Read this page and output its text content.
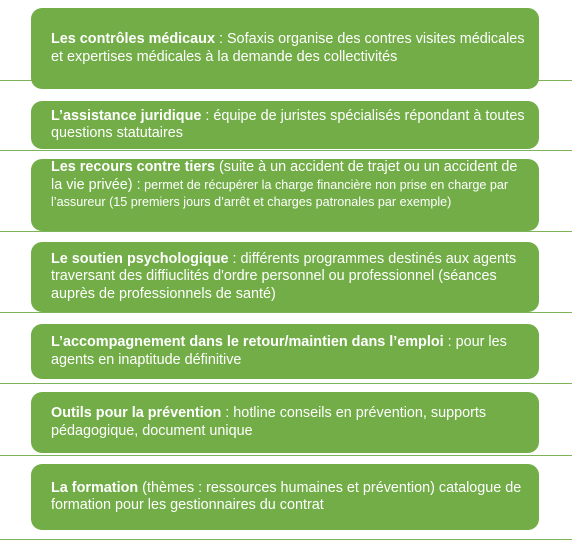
Les contrôles médicaux : Sofaxis organise des contres visites médicales et expertises médicales à la demande des collectivités

L’assistance juridique : équipe de juristes spécialisés répondant à toutes questions statutaires

Les recours contre tiers (suite à un accident de trajet ou un accident de la vie privée) : permet de récupérer la charge financière non prise en charge par l’assureur (15 premiers jours d’arrêt et charges patronales par exemple)

Le soutien psychologique : différents programmes destinés aux agents traversant des diffiuclités d'ordre personnel ou professionnel (séances auprès de professionnels de santé)

L’accompagnement dans le retour/maintien dans l’emploi : pour les agents en inaptitude définitive

Outils pour la prévention : hotline conseils en prévention, supports pédagogique, document unique

La formation (thèmes : ressources humaines et prévention) catalogue de formation pour les gestionnaires du contrat
